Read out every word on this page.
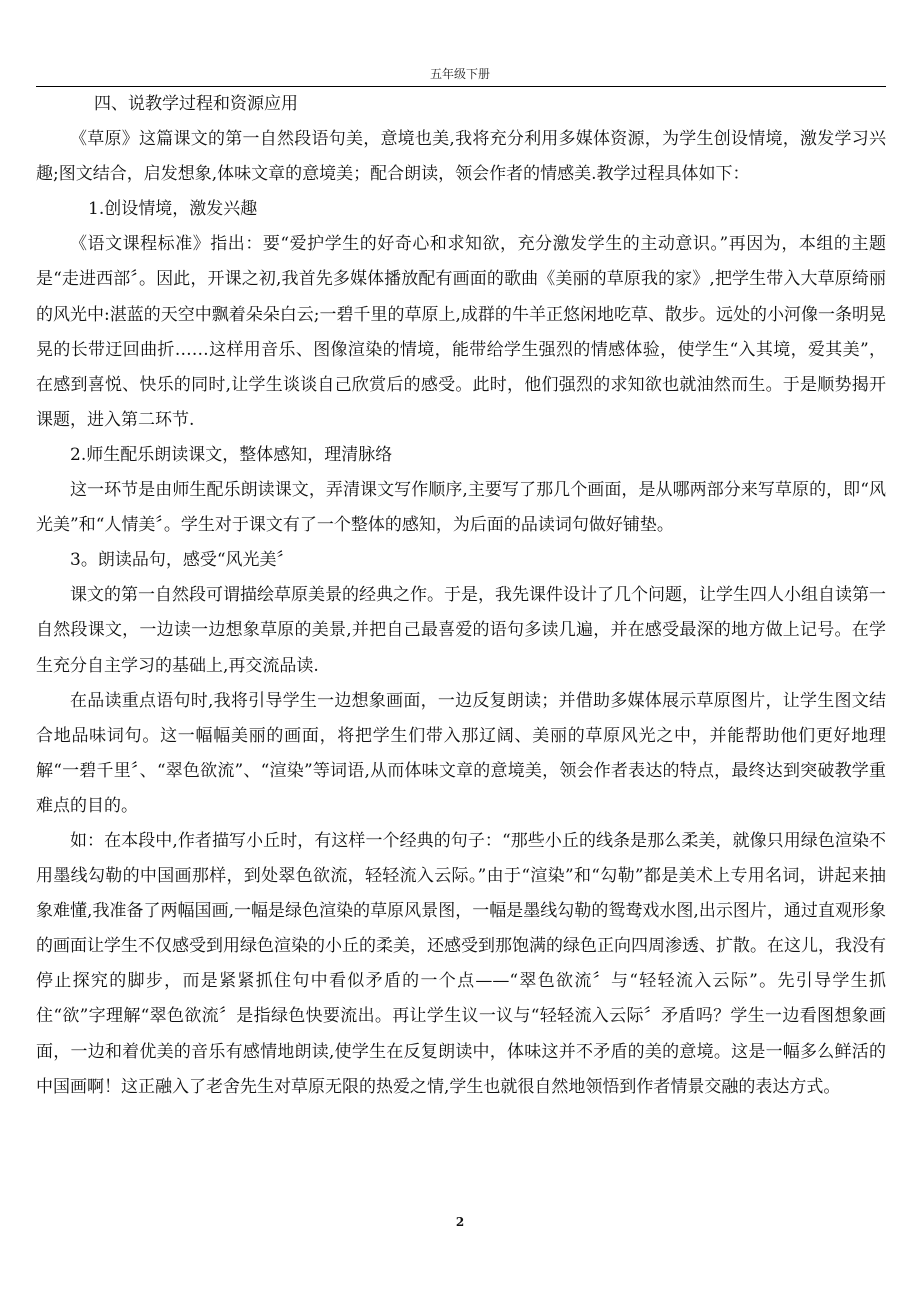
五年级下册

四、说教学过程和资源应用

《草原》这篇课文的第一自然段语句美，意境也美,我将充分利用多媒体资源，为学生创设情境，激发学习兴趣;图文结合，启发想象,体味文章的意境美；配合朗读，领会作者的情感美.教学过程具体如下：

1.创设情境，激发兴趣

《语文课程标准》指出：要“爱护学生的好奇心和求知欲，充分激发学生的主动意识。”再因为，本组的主题是“走进西部〞。因此，开课之初,我首先多媒体播放配有画面的歌曲《美丽的草原我的家》,把学生带入大草原绮丽的风光中:湛蓝的天空中飘着朵朵白云;一碧千里的草原上,成群的牛羊正悠闲地吃草、散步。远处的小河像一条明晃晃的长带迂回曲折……这样用音乐、图像渲染的情境，能带给学生强烈的情感体验，使学生“入其境，爱其美”，在感到喜悦、快乐的同时,让学生谈谈自己欣赏后的感受。此时，他们强烈的求知欲也就油然而生。于是顺势揭开课题，进入第二环节.

2.师生配乐朗读课文，整体感知，理清脉络

这一环节是由师生配乐朗读课文，弄清课文写作顺序,主要写了那几个画面，是从哪两部分来写草原的，即“风光美”和“人情美〞。学生对于课文有了一个整体的感知，为后面的品读词句做好铺垫。

3。朗读品句，感受“风光美〞

课文的第一自然段可谓描绘草原美景的经典之作。于是，我先课件设计了几个问题，让学生四人小组自读第一自然段课文，一边读一边想象草原的美景,并把自己最喜爱的语句多读几遍，并在感受最深的地方做上记号。在学生充分自主学习的基础上,再交流品读.

在品读重点语句时,我将引导学生一边想象画面，一边反复朗读；并借助多媒体展示草原图片，让学生图文结合地品味词句。这一幅幅美丽的画面，将把学生们带入那辽阔、美丽的草原风光之中，并能帮助他们更好地理解“一碧千里〞、“翠色欲流”、“渲染”等词语,从而体味文章的意境美，领会作者表达的特点，最终达到突破教学重难点的目的。

如：在本段中,作者描写小丘时，有这样一个经典的句子：“那些小丘的线条是那么柔美，就像只用绿色渲染不用墨线勾勒的中国画那样，到处翠色欲流，轻轻流入云际。”由于“渲染”和“勾勒”都是美术上专用名词，讲起来抽象难懂,我准备了两幅国画,一幅是绿色渲染的草原风景图，一幅是墨线勾勒的鸳鸯戏水图,出示图片，通过直观形象的画面让学生不仅感受到用绿色渲染的小丘的柔美，还感受到那饱满的绿色正向四周渗透、扩散。在这儿，我没有停止探究的脚步，而是紧紧抓住句中看似矛盾的一个点——“翠色欲流〞与“轻轻流入云际”。先引导学生抓住“欲”字理解“翠色欲流〞是指绿色快要流出。再让学生议一议与“轻轻流入云际〞矛盾吗？学生一边看图想象画面，一边和着优美的音乐有感情地朗读,使学生在反复朗读中，体味这并不矛盾的美的意境。这是一幅多么鲜活的中国画啊！这正融入了老舍先生对草原无限的热爱之情,学生也就很自然地领悟到作者情景交融的表达方式。

2
